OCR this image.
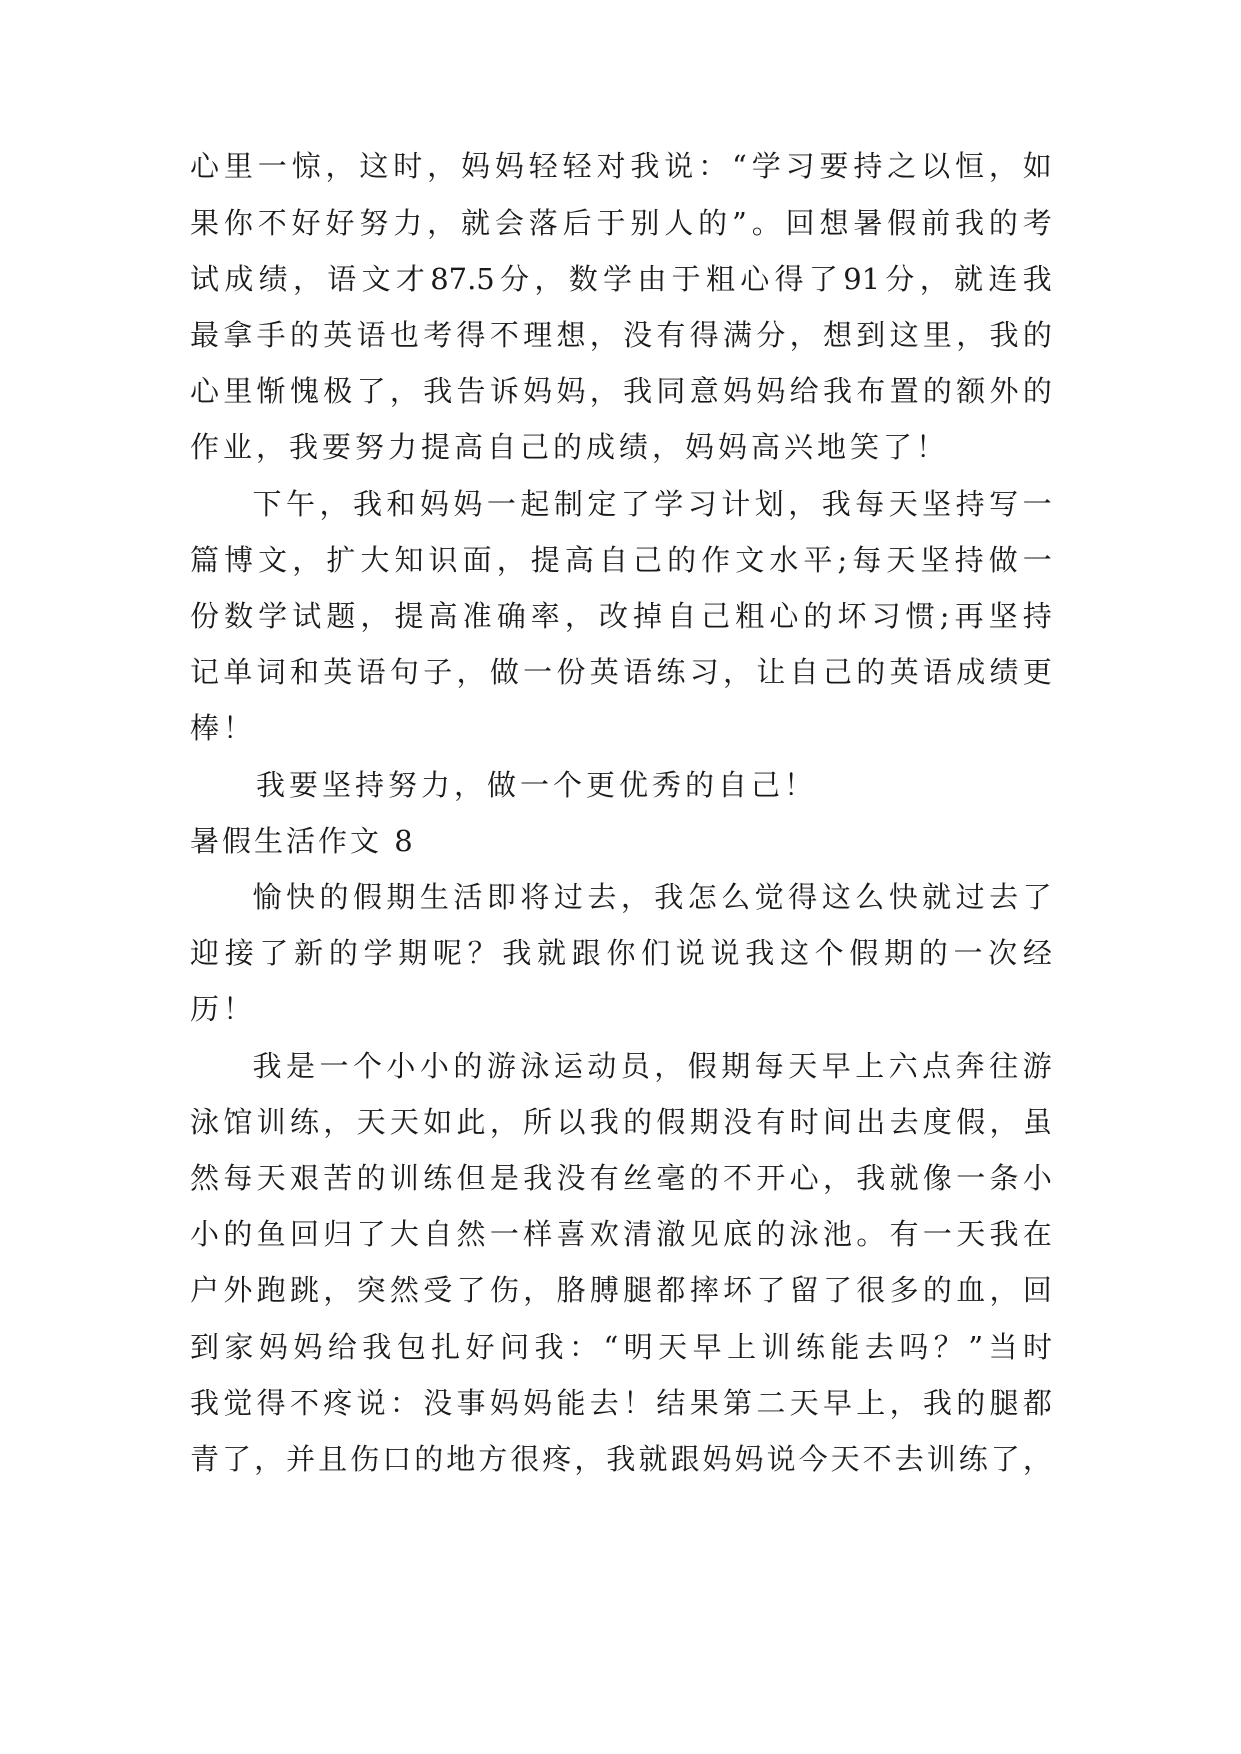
心 里 一 惊 ， 这 时 ， 妈 妈 轻 轻 对 我 说 ： “ 学 习 要 持 之 以 恒 ， 如
果 你 不 好 好 努 力 ， 就 会 落 后 于 别 人 的 ” 。 回 想 暑 假 前 我 的 考
试 成 绩 ， 语 文 才 87.5 分 ， 数 学 由 于 粗 心 得 了 91 分 ， 就 连 我
最 拿 手 的 英 语 也 考 得 不 理 想 ， 没 有 得 满 分 ， 想 到 这 里 ， 我 的
心 里 惭 愧 极 了 ， 我 告 诉 妈 妈 ， 我 同 意 妈 妈 给 我 布 置 的 额 外 的
作业，我要努力提高自己的成绩，妈妈高兴地笑了！

下 午 ， 我 和 妈 妈 一 起 制 定 了 学 习 计 划 ， 我 每 天 坚 持 写 一
篇 博 文 ， 扩 大 知 识 面 ， 提 高 自 己 的 作 文 水 平 ; 每 天 坚 持 做 一
份 数 学 试 题 ， 提 高 准 确 率 ， 改 掉 自 己 粗 心 的 坏 习 惯 ; 再 坚 持
记 单 词 和 英 语 句 子 ， 做 一 份 英 语 练 习 ， 让 自 己 的 英 语 成 绩 更
棒！
　　我要坚持努力，做一个更优秀的自己！
暑假生活作文 8

愉 快 的 假 期 生 活 即 将 过 去 ， 我 怎 么 觉 得 这 么 快 就 过 去 了
迎 接 了 新 的 学 期 呢 ？ 我 就 跟 你 们 说 说 我 这 个 假 期 的 一 次 经
历！

我 是 一 个 小 小 的 游 泳 运 动 员 ， 假 期 每 天 早 上 六 点 奔 往 游
泳 馆 训 练 ， 天 天 如 此 ， 所 以 我 的 假 期 没 有 时 间 出 去 度 假 ， 虽
然 每 天 艰 苦 的 训 练 但 是 我 没 有 丝 毫 的 不 开 心 ， 我 就 像 一 条 小
小 的 鱼 回 归 了 大 自 然 一 样 喜 欢 清 澈 见 底 的 泳 池 。 有 一 天 我 在
户 外 跑 跳 ， 突 然 受 了 伤 ， 胳 膊 腿 都 摔 坏 了 留 了 很 多 的 血 ， 回
到 家 妈 妈 给 我 包 扎 好 问 我 ： “ 明 天 早 上 训 练 能 去 吗 ？ ” 当 时
我 觉 得 不 疼 说 ： 没 事 妈 妈 能 去 ！ 结 果 第 二 天 早 上 ， 我 的 腿 都
青 了 ， 并 且 伤 口 的 地 方 很 疼 ， 我 就 跟 妈 妈 说 今 天 不 去 训 练 了 ，
